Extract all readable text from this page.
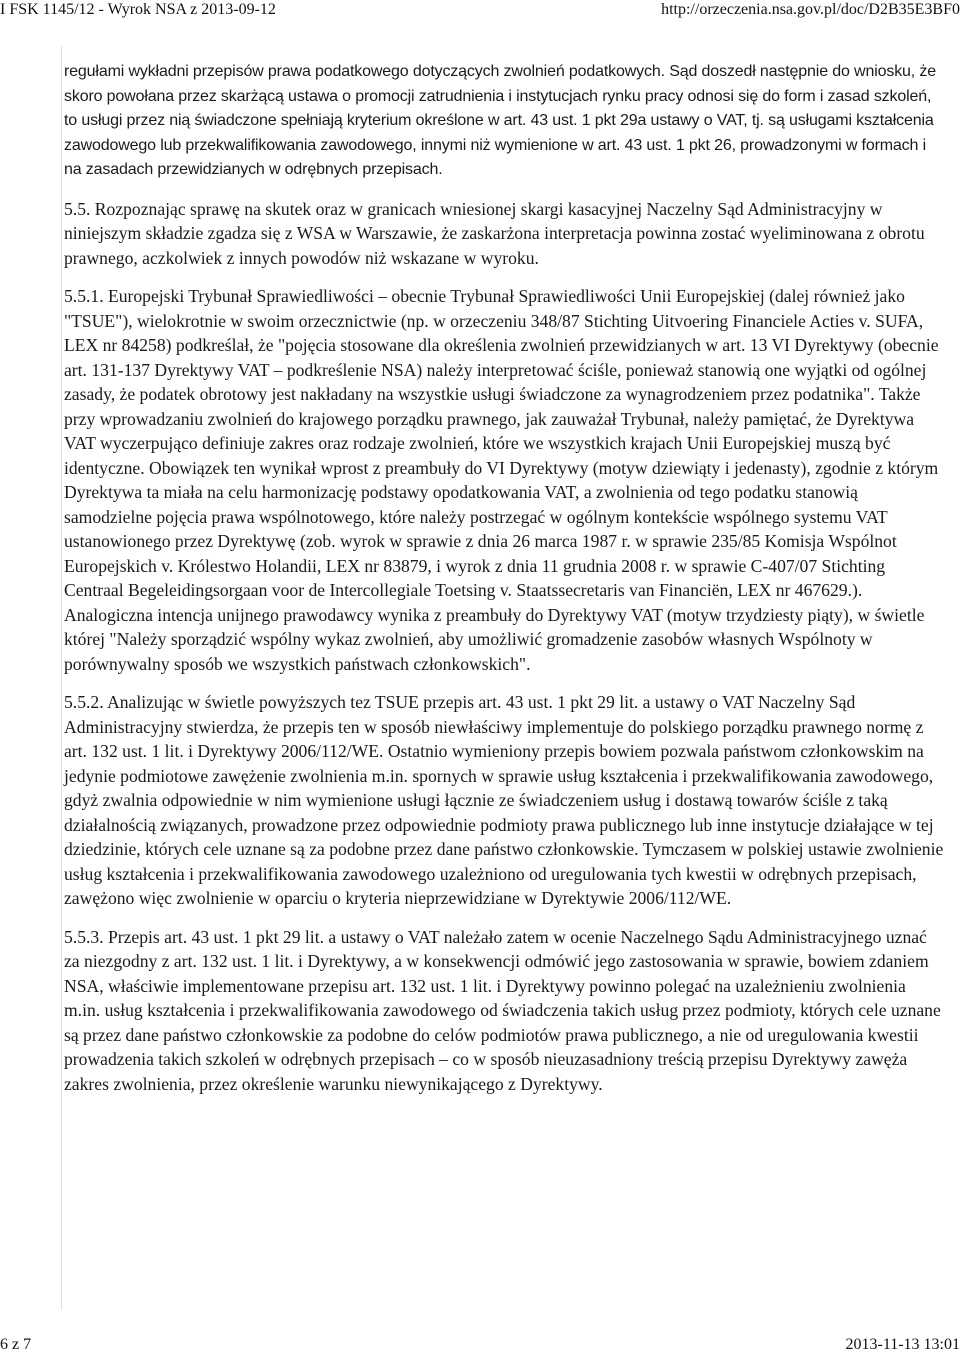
I FSK 1145/12 - Wyrok NSA z 2013-09-12	http://orzeczenia.nsa.gov.pl/doc/D2B35E3BF0

regułami wykładni przepisów prawa podatkowego dotyczących zwolnień podatkowych. Sąd doszedł następnie do wniosku, że skoro powołana przez skarżącą ustawa o promocji zatrudnienia i instytucjach rynku pracy odnosi się do form i zasad szkoleń, to usługi przez nią świadczone spełniają kryterium określone w art. 43 ust. 1 pkt 29a ustawy o VAT, tj. są usługami kształcenia zawodowego lub przekwalifikowania zawodowego, innymi niż wymienione w art. 43 ust. 1 pkt 26, prowadzonymi w formach i na zasadach przewidzianych w odrębnych przepisach.

5.5. Rozpoznając sprawę na skutek oraz w granicach wniesionej skargi kasacyjnej Naczelny Sąd Administracyjny w niniejszym składzie zgadza się z WSA w Warszawie, że zaskarżona interpretacja powinna zostać wyeliminowana z obrotu prawnego, aczkolwiek z innych powodów niż wskazane w wyroku.

5.5.1. Europejski Trybunał Sprawiedliwości – obecnie Trybunał Sprawiedliwości Unii Europejskiej (dalej również jako "TSUE"), wielokrotnie w swoim orzecznictwie (np. w orzeczeniu 348/87 Stichting Uitvoering Financiele Acties v. SUFA, LEX nr 84258) podkreślał, że "pojęcia stosowane dla określenia zwolnień przewidzianych w art. 13 VI Dyrektywy (obecnie art. 131-137 Dyrektywy VAT – podkreślenie NSA) należy interpretować ściśle, ponieważ stanowią one wyjątki od ogólnej zasady, że podatek obrotowy jest nakładany na wszystkie usługi świadczone za wynagrodzeniem przez podatnika". Także przy wprowadzaniu zwolnień do krajowego porządku prawnego, jak zauważał Trybunał, należy pamiętać, że Dyrektywa VAT wyczerpująco definiuje zakres oraz rodzaje zwolnień, które we wszystkich krajach Unii Europejskiej muszą być identyczne. Obowiązek ten wynikał wprost z preambuły do VI Dyrektywy (motyw dziewiąty i jedenasty), zgodnie z którym Dyrektywa ta miała na celu harmonizację podstawy opodatkowania VAT, a zwolnienia od tego podatku stanowią samodzielne pojęcia prawa wspólnotowego, które należy postrzegać w ogólnym kontekście wspólnego systemu VAT ustanowionego przez Dyrektywę (zob. wyrok w sprawie z dnia 26 marca 1987 r. w sprawie 235/85 Komisja Wspólnot Europejskich v. Królestwo Holandii, LEX nr 83879, i wyrok z dnia 11 grudnia 2008 r. w sprawie C-407/07 Stichting Centraal Begeleidingsorgaan voor de Intercollegiale Toetsing v. Staatssecretaris van Financiën, LEX nr 467629.). Analogiczna intencja unijnego prawodawcy wynika z preambuły do Dyrektywy VAT (motyw trzydziesty piąty), w świetle której "Należy sporządzić wspólny wykaz zwolnień, aby umożliwić gromadzenie zasobów własnych Wspólnoty w porównywalny sposób we wszystkich państwach członkowskich".

5.5.2. Analizując w świetle powyższych tez TSUE przepis art. 43 ust. 1 pkt 29 lit. a ustawy o VAT Naczelny Sąd Administracyjny stwierdza, że przepis ten w sposób niewłaściwy implementuje do polskiego porządku prawnego normę z art. 132 ust. 1 lit. i Dyrektywy 2006/112/WE. Ostatnio wymieniony przepis bowiem pozwala państwom członkowskim na jedynie podmiotowe zawężenie zwolnienia m.in. spornych w sprawie usług kształcenia i przekwalifikowania zawodowego, gdyż zwalnia odpowiednie w nim wymienione usługi łącznie ze świadczeniem usług i dostawą towarów ściśle z taką działalnością związanych, prowadzone przez odpowiednie podmioty prawa publicznego lub inne instytucje działające w tej dziedzinie, których cele uznane są za podobne przez dane państwo członkowskie. Tymczasem w polskiej ustawie zwolnienie usług kształcenia i przekwalifikowania zawodowego uzależniono od uregulowania tych kwestii w odrębnych przepisach, zawężono więc zwolnienie w oparciu o kryteria nieprzewidziane w Dyrektywie 2006/112/WE.

5.5.3. Przepis art. 43 ust. 1 pkt 29 lit. a ustawy o VAT należało zatem w ocenie Naczelnego Sądu Administracyjnego uznać za niezgodny z art. 132 ust. 1 lit. i Dyrektywy, a w konsekwencji odmówić jego zastosowania w sprawie, bowiem zdaniem NSA, właściwie implementowane przepisu art. 132 ust. 1 lit. i Dyrektywy powinno polegać na uzależnieniu zwolnienia m.in. usług kształcenia i przekwalifikowania zawodowego od świadczenia takich usług przez podmioty, których cele uznane są przez dane państwo członkowskie za podobne do celów podmiotów prawa publicznego, a nie od uregulowania kwestii prowadzenia takich szkoleń w odrębnych przepisach – co w sposób nieuzasadniony treścią przepisu Dyrektywy zawęża zakres zwolnienia, przez określenie warunku niewynikającego z Dyrektywy.

6 z 7	2013-11-13 13:01
